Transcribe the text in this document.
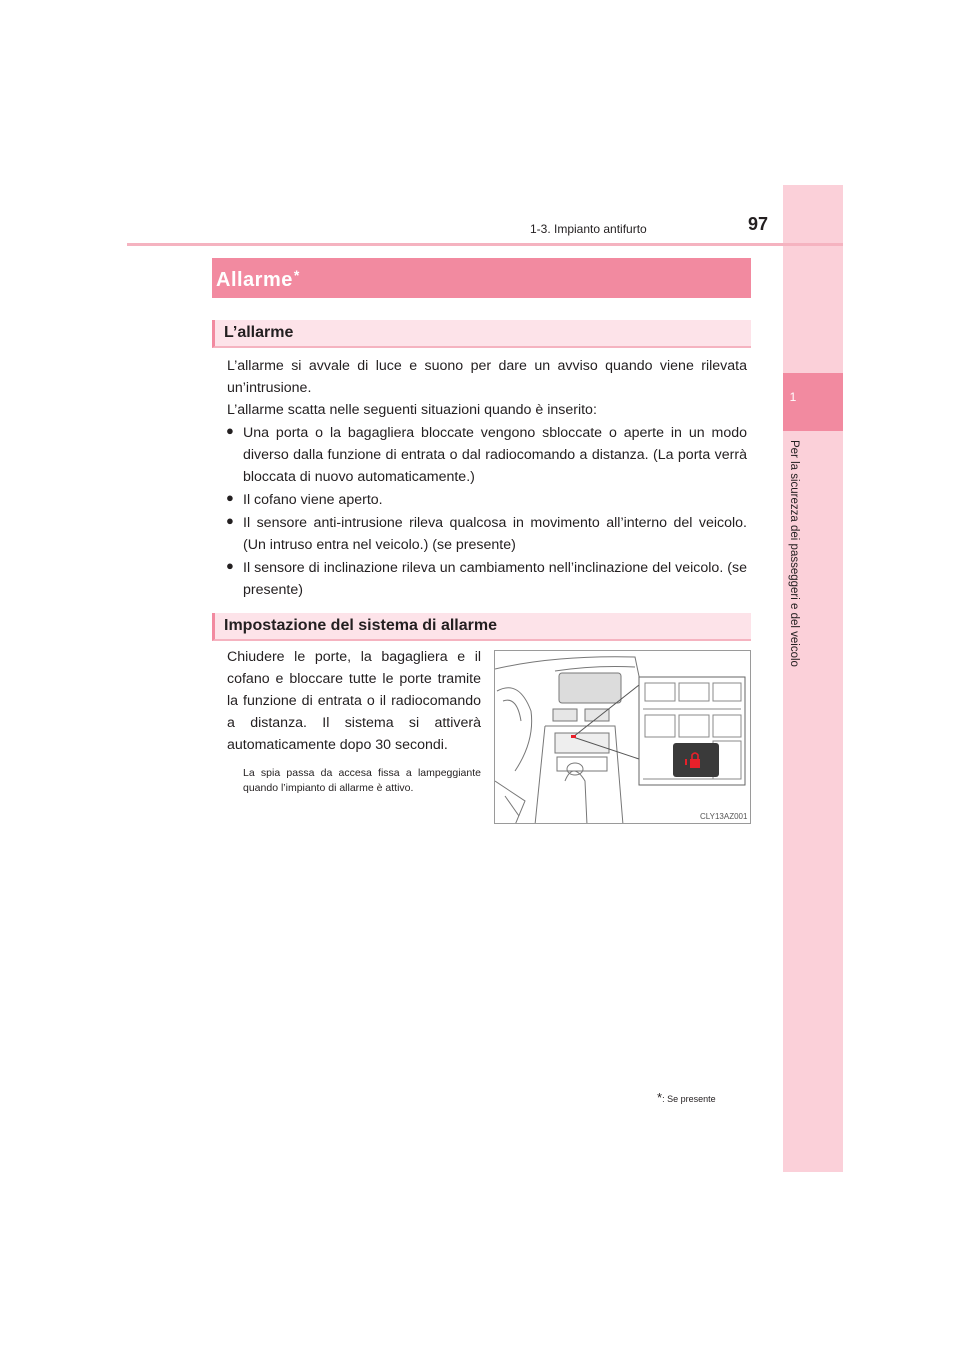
1
Per la sicurezza dei passeggeri e del veicolo
1-3. Impianto antifurto	97
Allarme*
L’allarme
L’allarme si avvale di luce e suono per dare un avviso quando viene rilevata un’intrusione.
L’allarme scatta nelle seguenti situazioni quando è inserito:
● Una porta o la bagagliera bloccate vengono sbloccate o aperte in un modo diverso dalla funzione di entrata o dal radiocomando a distanza. (La porta verrà bloccata di nuovo automaticamente.)
● Il cofano viene aperto.
● Il sensore anti-intrusione rileva qualcosa in movimento all’interno del veicolo. (Un intruso entra nel veicolo.) (se presente)
● Il sensore di inclinazione rileva un cambiamento nell’inclinazione del veicolo. (se presente)
Impostazione del sistema di allarme
Chiudere le porte, la bagagliera e il cofano e bloccare tutte le porte tramite la funzione di entrata o il radiocomando a distanza. Il sistema si attiverà automaticamente dopo 30 secondi.
La spia passa da accesa fissa a lampeggiante quando l’impianto di allarme è attivo.
CLY13AZ001
*: Se presente
